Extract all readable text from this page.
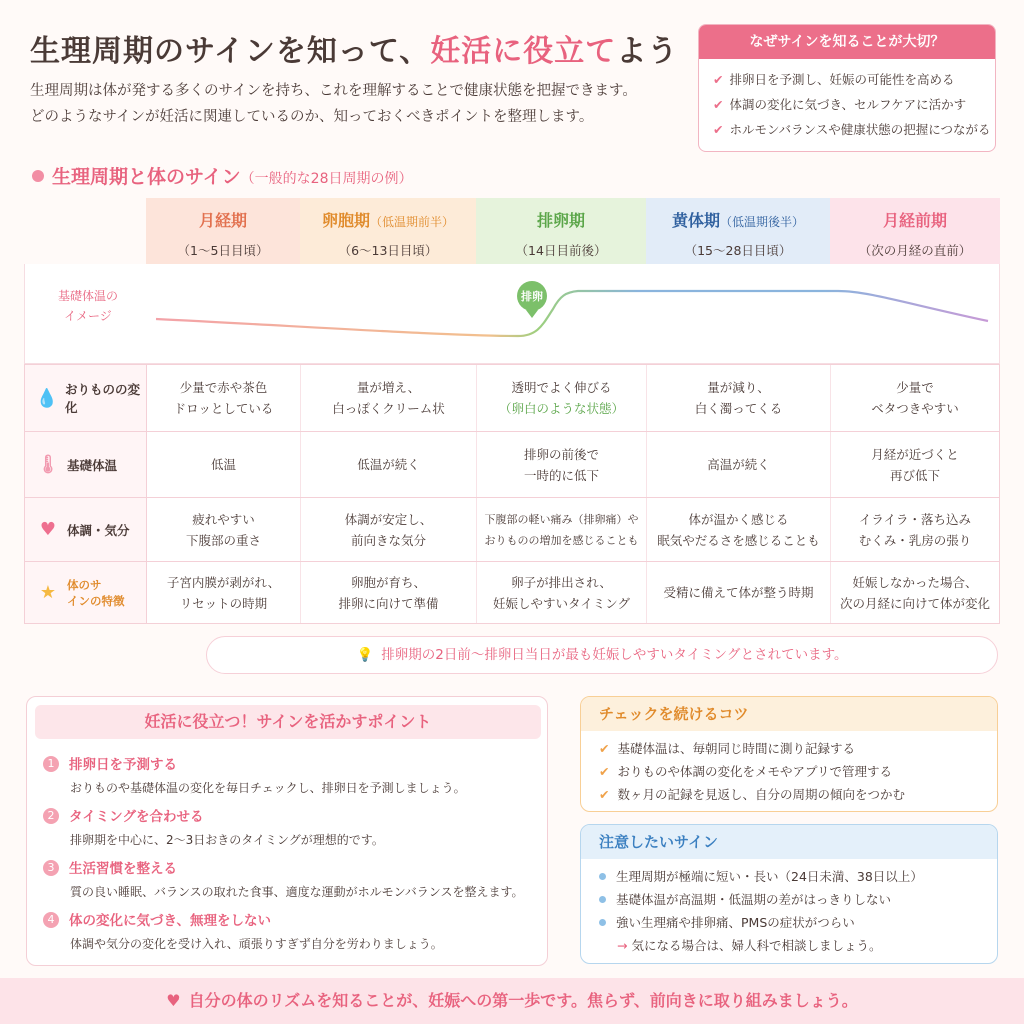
生理周期のサインを知って、妊活に役立てよう
生理周期は体が発する多くのサインを持ち、これを理解することで健康状態を把握できます。
どのようなサインが妊活に関連しているのか、知っておくべきポイントを整理します。
なぜサインを知ることが大切？
✔ 排卵日を予測し、妊娠の可能性を高める
✔ 体調の変化に気づき、セルフケアに活かす
✔ ホルモンバランスや健康状態の把握につながる
生理周期と体のサイン（一般的な28日周期の例）
月経期
（1〜5日目頃）
卵胞期（低温期前半）
（6〜13日目頃）
排卵期
（14日目前後）
黄体期（低温期後半）
（15〜28日目頃）
月経前期
（次の月経の直前）
基礎体温の
イメージ
排卵
💧 おりものの変化
少量で赤や茶色
ドロッとしている
量が増え、
白っぽくクリーム状
透明でよく伸びる
（卵白のような状態）
量が減り、
白く濁ってくる
少量で
ベタつきやすい
🌡 基礎体温	低温	低温が続く
排卵の前後で
一時的に低下
高温が続く
月経が近づくと
再び低下
♥ 体調・気分
疲れやすい
下腹部の重さ
体調が安定し、
前向きな気分
下腹部の軽い痛み（排卵痛）や
おりものの増加を感じることも
体が温かく感じる
眠気やだるさを感じることも
イライラ・落ち込み
むくみ・乳房の張り
★ 体のサ
インの特徴
子宮内膜が剥がれ、
リセットの時期
卵胞が育ち、
排卵に向けて準備
卵子が排出され、
妊娠しやすいタイミング
受精に備えて体が整う時期
妊娠しなかった場合、
次の月経に向けて体が変化
💡 排卵期の2日前〜排卵日当日が最も妊娠しやすいタイミングとされています。
妊活に役立つ！サインを活かすポイント
1 排卵日を予測する
おりものや基礎体温の変化を毎日チェックし、排卵日を予測しましょう。
2 タイミングを合わせる
排卵期を中心に、2〜3日おきのタイミングが理想的です。
3 生活習慣を整える
質の良い睡眠、バランスの取れた食事、適度な運動がホルモンバランスを整えます。
4 体の変化に気づき、無理をしない
体調や気分の変化を受け入れ、頑張りすぎず自分を労わりましょう。
チェックを続けるコツ
✔ 基礎体温は、毎朝同じ時間に測り記録する
✔ おりものや体調の変化をメモやアプリで管理する
✔ 数ヶ月の記録を見返し、自分の周期の傾向をつかむ
注意したいサイン
生理周期が極端に短い・長い（24日未満、38日以上）
基礎体温が高温期・低温期の差がはっきりしない
強い生理痛や排卵痛、PMSの症状がつらい
→ 気になる場合は、婦人科で相談しましょう。
♥ 自分の体のリズムを知ることが、妊娠への第一歩です。焦らず、前向きに取り組みましょう。
